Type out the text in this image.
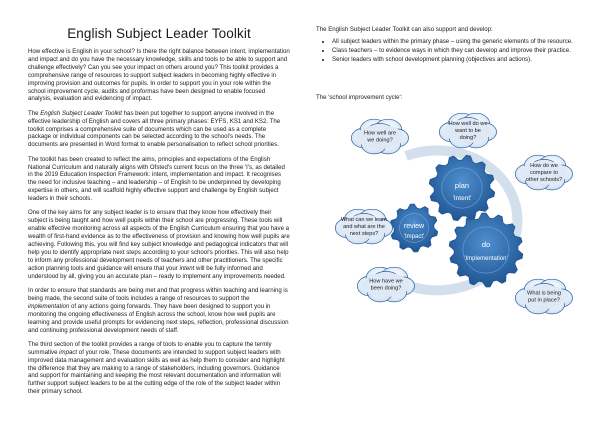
English Subject Leader Toolkit

How effective is English in your school? Is there the right balance between intent, implementation and impact and do you have the necessary knowledge, skills and tools to be able to support and challenge effectively? Can you see your impact on others around you? This toolkit provides a comprehensive range of resources to support subject leaders in becoming highly effective in improving provision and outcomes for pupils. In order to support you in your role within the school improvement cycle, audits and proformas have been designed to enable focused analysis, evaluation and evidencing of impact.

The English Subject Leader Toolkit has been put together to support anyone involved in the effective leadership of English and covers all three primary phases: EYFS, KS1 and KS2. The toolkit comprises a comprehensive suite of documents which can be used as a complete package or individual components can be selected according to the school's needs. The documents are presented in Word format to enable personalisation to reflect school priorities.

The toolkit has been created to reflect the aims, principles and expectations of the English National Curriculum and naturally aligns with Ofsted's current focus on the three 'I's, as detailed in the 2019 Education Inspection Framework: intent, implementation and impact. It recognises the need for inclusive teaching – and leadership – of English to be underpinned by developing expertise in others, and will scaffold highly effective support and challenge by English subject leaders in their schools.

One of the key aims for any subject leader is to ensure that they know how effectively their subject is being taught and how well pupils within their school are progressing. These tools will enable effective monitoring across all aspects of the English Curriculum ensuring that you have a wealth of first-hand evidence as to the effectiveness of provision and knowing how well pupils are achieving. Following this, you will find key subject knowledge and pedagogical indicators that will help you to identify appropriate next steps according to your school's priorities. This will also help to inform any professional development needs of teachers and other practitioners. The specific action planning tools and guidance will ensure that your intent will be fully informed and understood by all, giving you an accurate plan – ready to implement any improvements needed.

In order to ensure that standards are being met and that progress within teaching and learning is being made, the second suite of tools includes a range of resources to support the implementation of any actions going forwards. They have been designed to support you in monitoring the ongoing effectiveness of English across the school, know how well pupils are learning and provide useful prompts for evidencing next steps, reflection, professional discussion and continuing professional development needs of staff.

The third section of the toolkit provides a range of tools to enable you to capture the termly summative impact of your role. These documents are intended to support subject leaders with improved data management and evaluation skills as well as help them to consider and highlight the difference that they are making to a range of stakeholders, including governors. Guidance and support for maintaining and keeping the most relevant documentation and information will further support subject leaders to be at the cutting edge of the role of the subject leader within their primary school.

The English Subject Leader Toolkit can also support and develop:

• All subject leaders within the primary phase – using the generic elements of the resource.
• Class teachers – to evidence ways in which they can develop and improve their practice.
• Senior leaders with school development planning (objectives and actions).
The 'school improvement cycle':
plan
'Intent'
review
'Impact'
do
'Implementation'
How well are
we doing?
How well do we
want to be
doing?
How do we
compare to
other schools?
What can we learn
and what are the
next steps?
How have we
been doing?
What is being
put in place?
